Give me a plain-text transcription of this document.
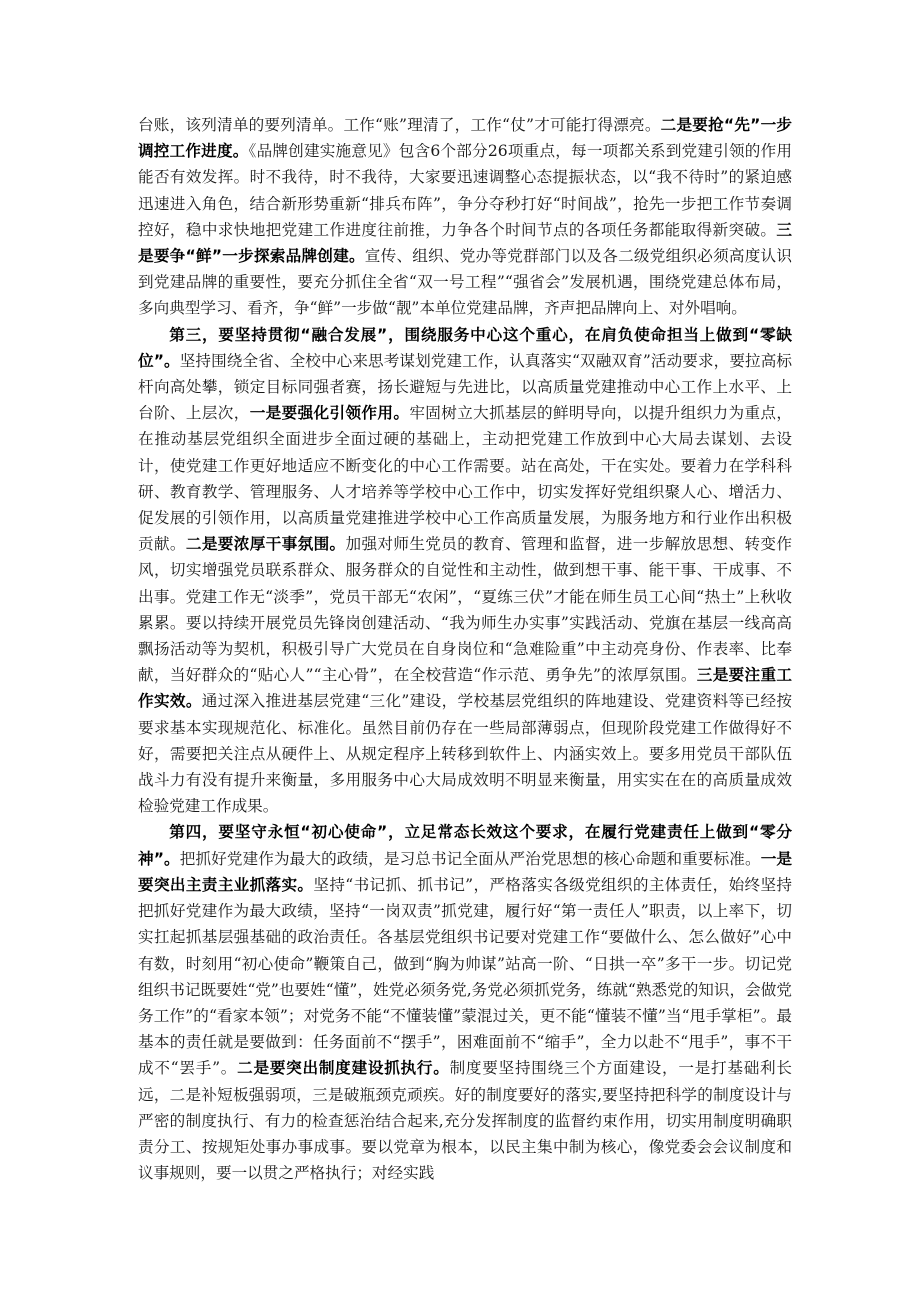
台账，该列清单的要列清单。工作“账”理清了，工作“仗”才可能打得漂亮。二是要抢“先”一步调控工作进度。《品牌创建实施意见》包含6个部分26项重点，每一项都关系到党建引领的作用能否有效发挥。时不我待，时不我待，大家要迅速调整心态提振状态，以“我不待时”的紧迫感迅速进入角色，结合新形势重新“排兵布阵”，争分夺秒打好“时间战”，抢先一步把工作节奏调控好，稳中求快地把党建工作进度往前推，力争各个时间节点的各项任务都能取得新突破。三是要争“鲜”一步探索品牌创建。宣传、组织、党办等党群部门以及各二级党组织必须高度认识到党建品牌的重要性，要充分抓住全省“双一号工程”“强省会”发展机遇，围绕党建总体布局，多向典型学习、看齐，争“鲜”一步做“靓”本单位党建品牌，齐声把品牌向上、对外唱响。

第三，要坚持贯彻“融合发展”，围绕服务中心这个重心，在肩负使命担当上做到“零缺位”。坚持围绕全省、全校中心来思考谋划党建工作，认真落实“双融双育”活动要求，要拉高标杆向高处攀，锁定目标同强者赛，扬长避短与先进比，以高质量党建推动中心工作上水平、上台阶、上层次，一是要强化引领作用。牢固树立大抓基层的鲜明导向，以提升组织力为重点，在推动基层党组织全面进步全面过硬的基础上，主动把党建工作放到中心大局去谋划、去设计，使党建工作更好地适应不断变化的中心工作需要。站在高处，干在实处。要着力在学科科研、教育教学、管理服务、人才培养等学校中心工作中，切实发挥好党组织聚人心、增活力、促发展的引领作用，以高质量党建推进学校中心工作高质量发展，为服务地方和行业作出积极贡献。二是要浓厚干事氛围。加强对师生党员的教育、管理和监督，进一步解放思想、转变作风，切实增强党员联系群众、服务群众的自觉性和主动性，做到想干事、能干事、干成事、不出事。党建工作无“淡季”，党员干部无“农闲”，“夏练三伏”才能在师生员工心间“热土”上秋收累累。要以持续开展党员先锋岗创建活动、“我为师生办实事”实践活动、党旗在基层一线高高飘扬活动等为契机，积极引导广大党员在自身岗位和“急难险重”中主动亮身份、作表率、比奉献，当好群众的“贴心人”“主心骨”，在全校营造“作示范、勇争先”的浓厚氛围。三是要注重工作实效。通过深入推进基层党建“三化”建设，学校基层党组织的阵地建设、党建资料等已经按要求基本实现规范化、标准化。虽然目前仍存在一些局部薄弱点，但现阶段党建工作做得好不好，需要把关注点从硬件上、从规定程序上转移到软件上、内涵实效上。要多用党员干部队伍战斗力有没有提升来衡量，多用服务中心大局成效明不明显来衡量，用实实在在的高质量成效检验党建工作成果。

第四，要坚守永恒“初心使命”，立足常态长效这个要求，在履行党建责任上做到“零分神”。把抓好党建作为最大的政绩，是习总书记全面从严治党思想的核心命题和重要标准。一是要突出主责主业抓落实。坚持“书记抓、抓书记”，严格落实各级党组织的主体责任，始终坚持把抓好党建作为最大政绩，坚持“一岗双责”抓党建，履行好“第一责任人”职责，以上率下，切实扛起抓基层强基础的政治责任。各基层党组织书记要对党建工作“要做什么、怎么做好”心中有数，时刻用“初心使命”鞭策自己，做到“胸为帅谋”站高一阶、“日拱一卒”多干一步。切记党组织书记既要姓“党”也要姓“懂”，姓党必须务党,务党必须抓党务，练就“熟悉党的知识，会做党务工作”的“看家本领”；对党务不能“不懂装懂”蒙混过关，更不能“懂装不懂”当“甩手掌柜”。最基本的责任就是要做到：任务面前不“摆手”，困难面前不“缩手”，全力以赴不“甩手”，事不干成不“罢手”。二是要突出制度建设抓执行。制度要坚持围绕三个方面建设，一是打基础利长远，二是补短板强弱项，三是破瓶颈克顽疾。好的制度要好的落实,要坚持把科学的制度设计与严密的制度执行、有力的检查惩治结合起来,充分发挥制度的监督约束作用，切实用制度明确职责分工、按规矩处事办事成事。要以党章为根本，以民主集中制为核心，像党委会会议制度和议事规则，要一以贯之严格执行；对经实践
